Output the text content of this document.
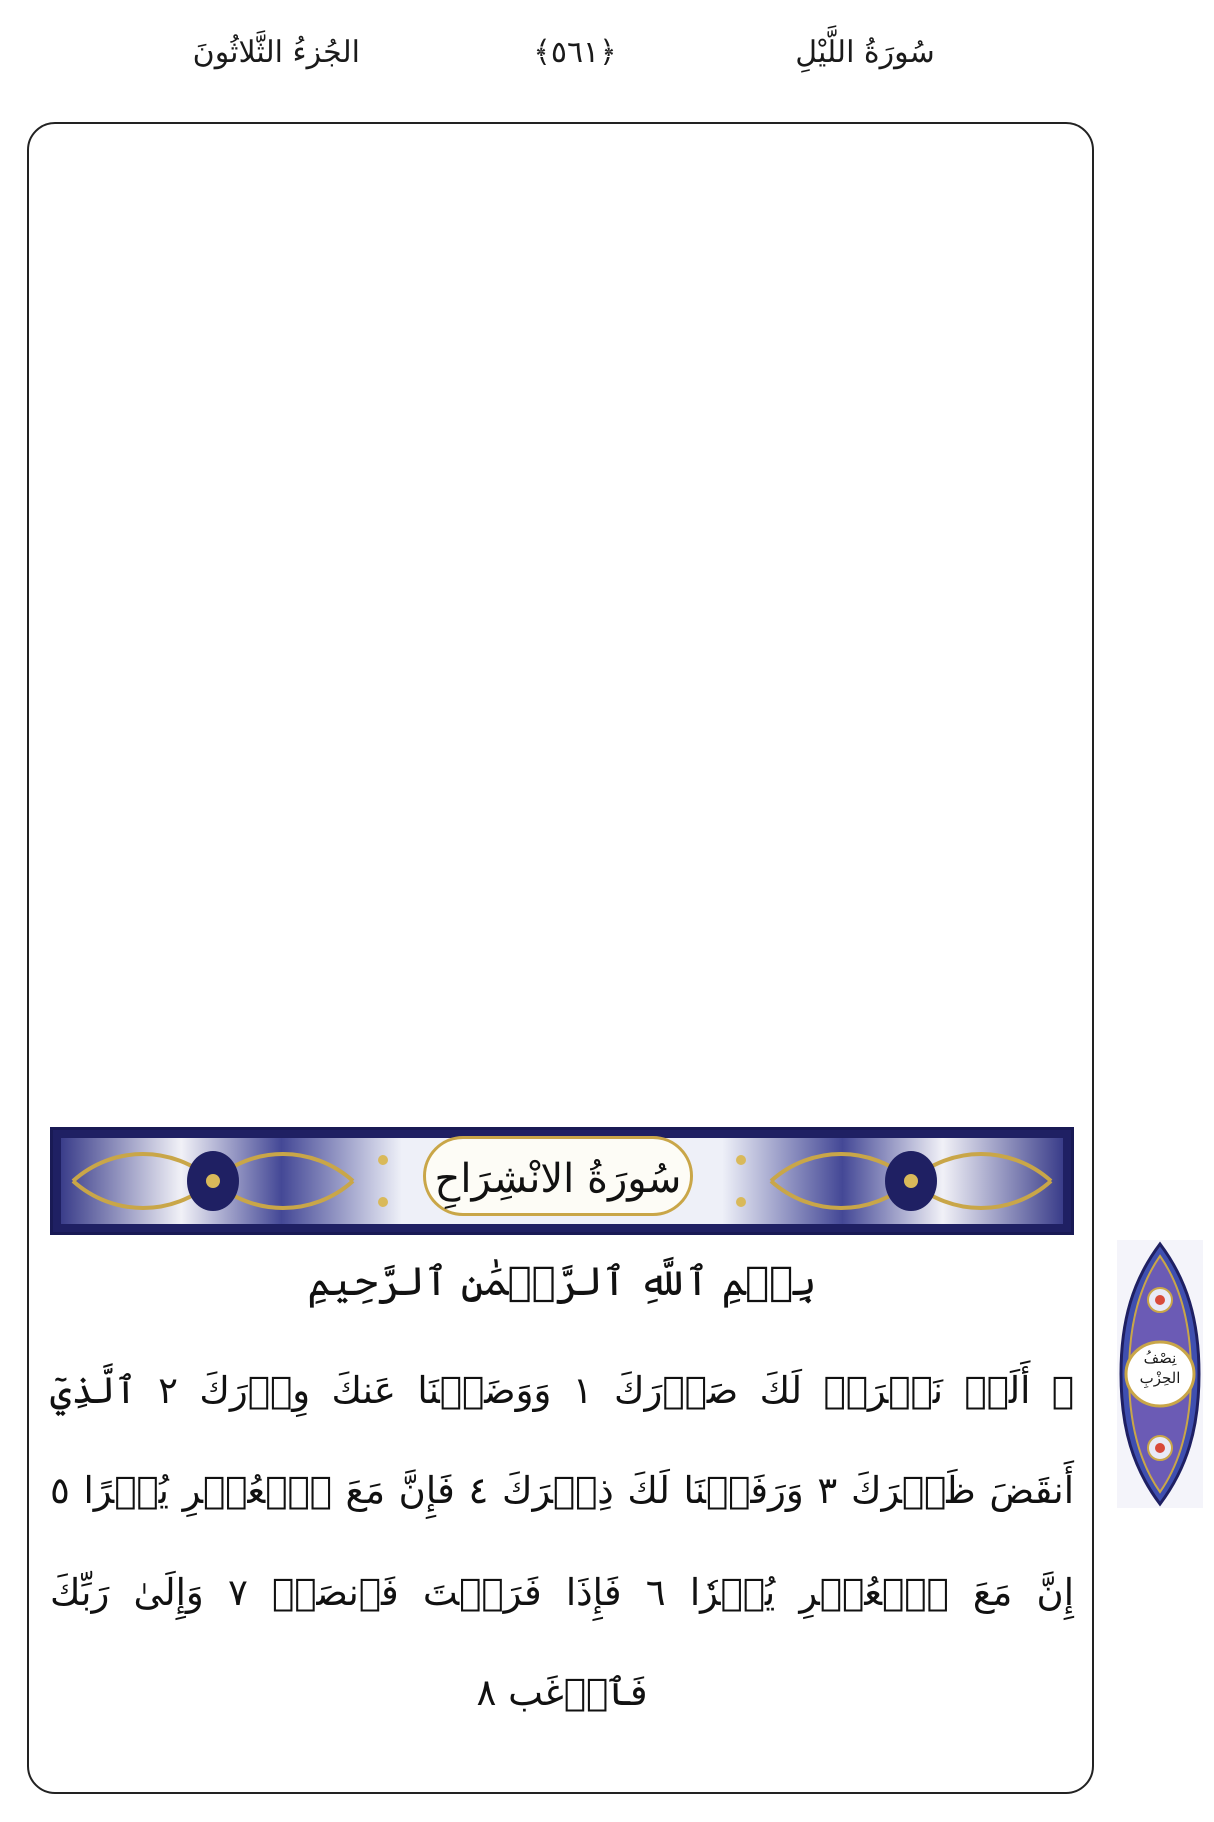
سُورَةُ اللَّيْلِ
﴿٥٦١﴾
الجُزءُ الثَّلاثُونَ
سُورَةُ الانْشِرَاحِ
بِسۡمِ ٱللَّهِ ٱلرَّحۡمَٰنِ ٱلرَّحِيمِ
۞ أَلَمۡ نَشۡرَحۡ لَكَ صَدۡرَكَ ١ وَوَضَعۡنَا عَنكَ وِزۡرَكَ ٢ ٱلَّذِيٓ
أَنقَضَ ظَهۡرَكَ ٣ وَرَفَعۡنَا لَكَ ذِكۡرَكَ ٤ فَإِنَّ مَعَ ٱلۡعُسۡرِ يُسۡرًا ٥
إِنَّ مَعَ ٱلۡعُسۡرِ يُسۡرٗا ٦ فَإِذَا فَرَغۡتَ فَٱنصَبۡ ٧ وَإِلَىٰ رَبِّكَ
فَٱرۡغَب ٨
نِصْفُ الحِزْبِ
